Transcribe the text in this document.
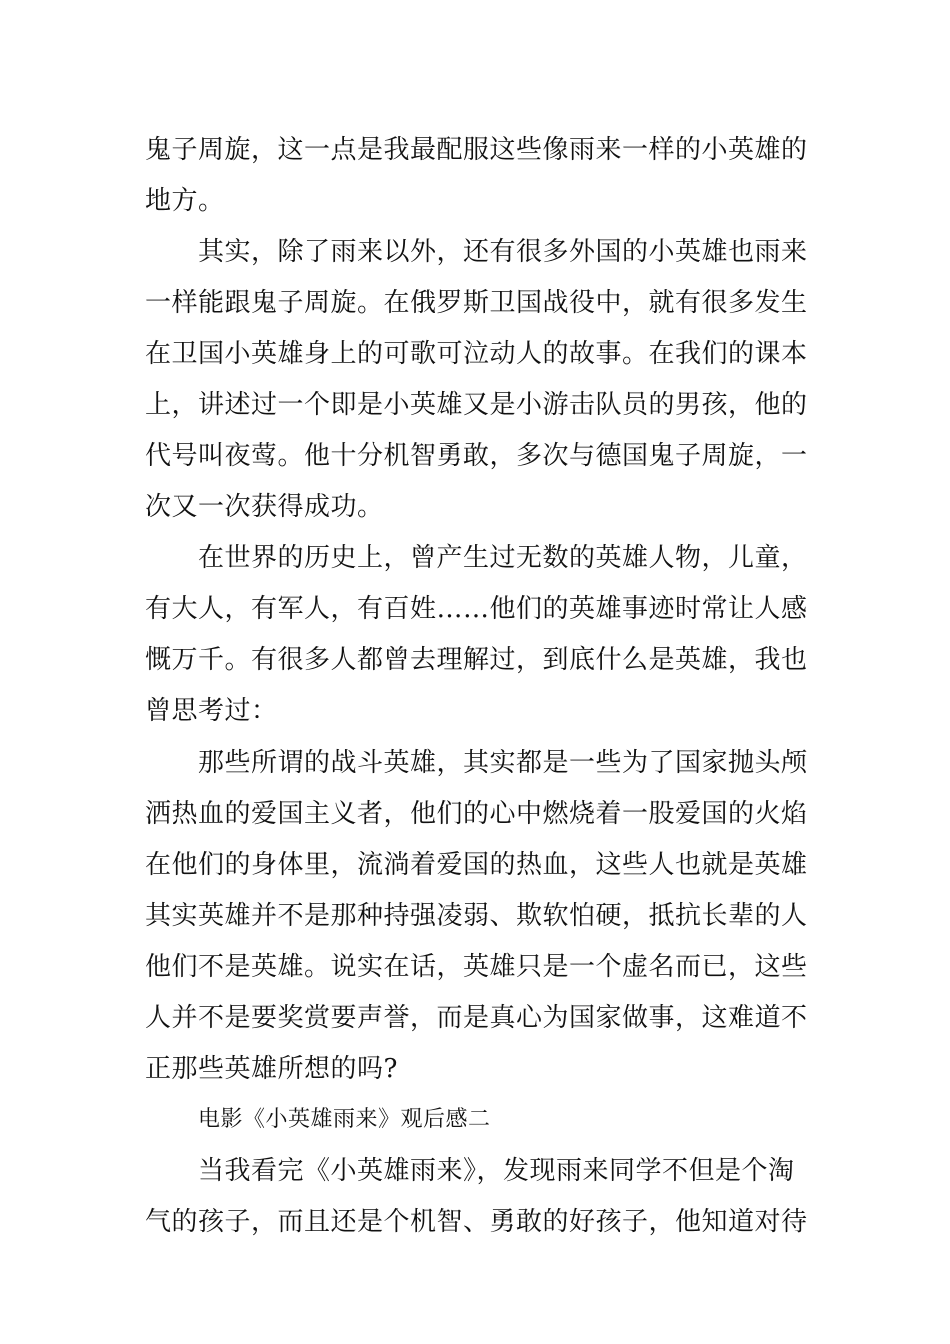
鬼子周旋，这一点是我最配服这些像雨来一样的小英雄的
地方。
其实，除了雨来以外，还有很多外国的小英雄也雨来
一样能跟鬼子周旋。在俄罗斯卫国战役中，就有很多发生
在卫国小英雄身上的可歌可泣动人的故事。在我们的课本
上，讲述过一个即是小英雄又是小游击队员的男孩，他的
代号叫夜莺。他十分机智勇敢，多次与德国鬼子周旋，一
次又一次获得成功。
在世界的历史上，曾产生过无数的英雄人物，儿童，
有大人，有军人，有百姓……他们的英雄事迹时常让人感
慨万千。有很多人都曾去理解过，到底什么是英雄，我也
曾思考过：
那些所谓的战斗英雄，其实都是一些为了国家抛头颅
洒热血的爱国主义者，他们的心中燃烧着一股爱国的火焰
在他们的身体里，流淌着爱国的热血，这些人也就是英雄
其实英雄并不是那种持强凌弱、欺软怕硬，抵抗长辈的人
他们不是英雄。说实在话，英雄只是一个虚名而已，这些
人并不是要奖赏要声誉，而是真心为国家做事，这难道不
正那些英雄所想的吗?
电影《小英雄雨来》观后感二
当我看完《小英雄雨来》，发现雨来同学不但是个淘
气的孩子，而且还是个机智、勇敢的好孩子，他知道对待
